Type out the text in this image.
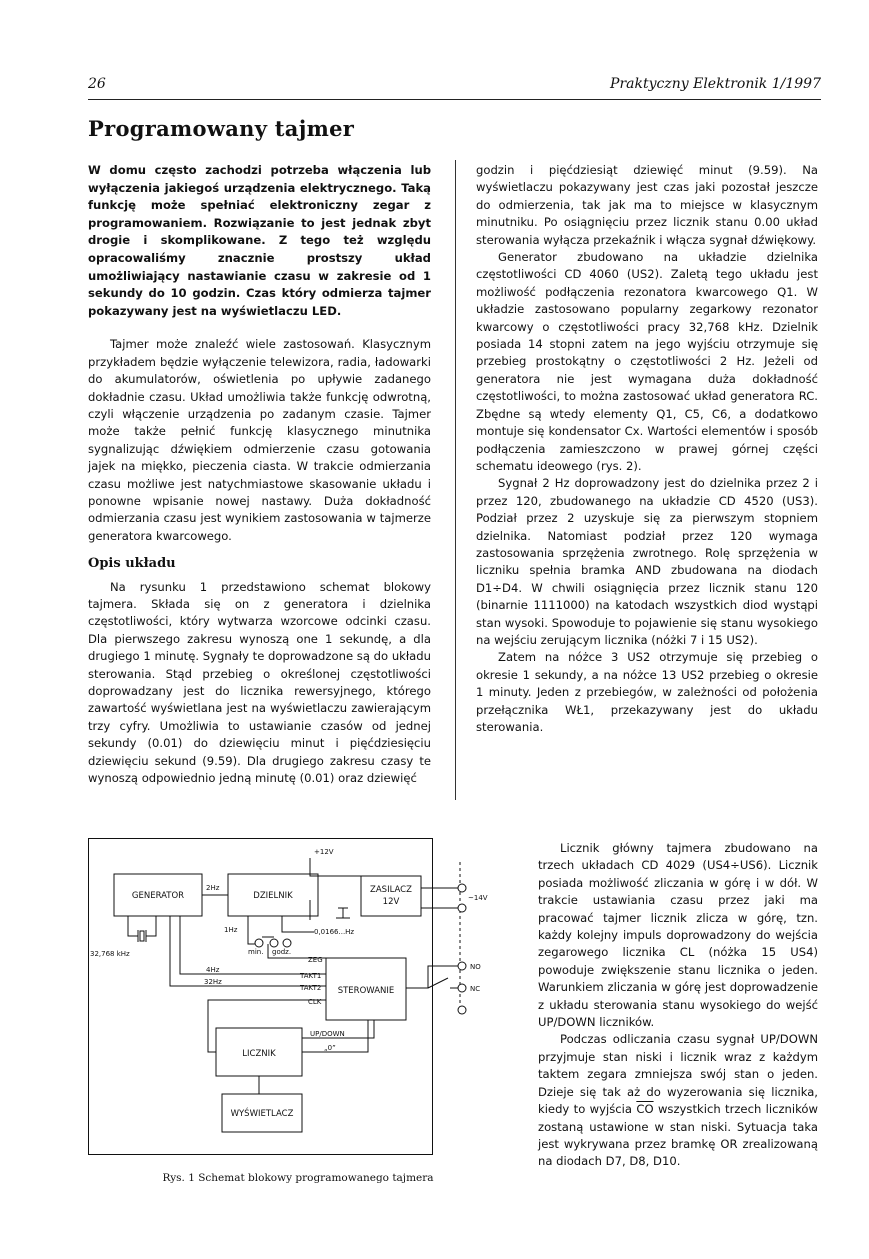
26	Praktyczny Elektronik 1/1997
Programowany tajmer

W domu często zachodzi potrzeba włączenia lub wyłączenia jakiegoś urządzenia elektrycznego. Taką funkcję może spełniać elektroniczny zegar z programowaniem. Rozwiązanie to jest jednak zbyt drogie i skomplikowane. Z tego też względu opracowaliśmy znacznie prostszy układ umożliwiający nastawianie czasu w zakresie od 1 sekundy do 10 godzin. Czas który odmierza tajmer pokazywany jest na wyświetlaczu LED.

Tajmer może znaleźć wiele zastosowań. Klasycznym przykładem będzie wyłączenie telewizora, radia, ładowarki do akumulatorów, oświetlenia po upływie zadanego dokładnie czasu. Układ umożliwia także funkcję odwrotną, czyli włączenie urządzenia po zadanym czasie. Tajmer może także pełnić funkcję klasycznego minutnika sygnalizując dźwiękiem odmierzenie czasu gotowania jajek na miękko, pieczenia ciasta. W trakcie odmierzania czasu możliwe jest natychmiastowe skasowanie układu i ponowne wpisanie nowej nastawy. Duża dokładność odmierzania czasu jest wynikiem zastosowania w tajmerze generatora kwarcowego.

Opis układu

Na rysunku 1 przedstawiono schemat blokowy tajmera. Składa się on z generatora i dzielnika częstotliwości, który wytwarza wzorcowe odcinki czasu. Dla pierwszego zakresu wynoszą one 1 sekundę, a dla drugiego 1 minutę. Sygnały te doprowadzone są do układu sterowania. Stąd przebieg o określonej częstotliwości doprowadzany jest do licznika rewersyjnego, którego zawartość wyświetlana jest na wyświetlaczu zawierającym trzy cyfry. Umożliwia to ustawianie czasów od jednej sekundy (0.01) do dziewięciu minut i pięćdziesięciu dziewięciu sekund (9.59). Dla drugiego zakresu czasy te wynoszą odpowiednio jedną minutę (0.01) oraz dziewięć

godzin i pięćdziesiąt dziewięć minut (9.59). Na wyświetlaczu pokazywany jest czas jaki pozostał jeszcze do odmierzenia, tak jak ma to miejsce w klasycznym minutniku. Po osiągnięciu przez licznik stanu 0.00 układ sterowania wyłącza przekaźnik i włącza sygnał dźwiękowy.

Generator zbudowano na układzie dzielnika częstotliwości CD 4060 (US2). Zaletą tego układu jest możliwość podłączenia rezonatora kwarcowego Q1. W układzie zastosowano popularny zegarkowy rezonator kwarcowy o częstotliwości pracy 32,768 kHz. Dzielnik posiada 14 stopni zatem na jego wyjściu otrzymuje się przebieg prostokątny o częstotliwości 2 Hz. Jeżeli od generatora nie jest wymagana duża dokładność częstotliwości, to można zastosować układ generatora RC. Zbędne są wtedy elementy Q1, C5, C6, a dodatkowo montuje się kondensator Cx. Wartości elementów i sposób podłączenia zamieszczono w prawej górnej części schematu ideowego (rys. 2).

Sygnał 2 Hz doprowadzony jest do dzielnika przez 2 i przez 120, zbudowanego na układzie CD 4520 (US3). Podział przez 2 uzyskuje się za pierwszym stopniem dzielnika. Natomiast podział przez 120 wymaga zastosowania sprzężenia zwrotnego. Rolę sprzężenia w liczniku spełnia bramka AND zbudowana na diodach D1÷D4. W chwili osiągnięcia przez licznik stanu 120 (binarnie 1111000) na katodach wszystkich diod wystąpi stan wysoki. Spowoduje to pojawienie się stanu wysokiego na wejściu zerującym licznika (nóżki 7 i 15 US2).

Zatem na nóżce 3 US2 otrzymuje się przebieg o okresie 1 sekundy, a na nóżce 13 US2 przebieg o okresie 1 minuty. Jeden z przebiegów, w zależności od położenia przełącznika WŁ1, przekazywany jest do układu sterowania.

GENERATOR	DZIELNIK
ZASILACZ
12V
STEROWANIE
LICZNIK
WYŚWIETLACZ
2Hz
1Hz
+12V
~14V
0,0166...Hz
min. godz.
ZEG
4Hz
TAKT1
32Hz
TAKT2
CLK
UP/DOWN
„0”
NO
NC
32,768 kHz
Rys. 1 Schemat blokowy programowanego tajmera

Licznik główny tajmera zbudowano na trzech układach CD 4029 (US4÷US6). Licznik posiada możliwość zliczania w górę i w dół. W trakcie ustawiania czasu przez jaki ma pracować tajmer licznik zlicza w górę, tzn. każdy kolejny impuls doprowadzony do wejścia zegarowego licznika CL (nóżka 15 US4) powoduje zwiększenie stanu licznika o jeden. Warunkiem zliczania w górę jest doprowadzenie z układu sterowania stanu wysokiego do wejść UP/DOWN liczników.

Podczas odliczania czasu sygnał UP/DOWN przyjmuje stan niski i licznik wraz z każdym taktem zegara zmniejsza swój stan o jeden. Dzieje się tak aż do wyzerowania się licznika, kiedy to wyjścia $\overline{CO}$ wszystkich trzech liczników zostaną ustawione w stan niski. Sytuacja taka jest wykrywana przez bramkę OR zrealizowaną na diodach D7, D8, D10.
